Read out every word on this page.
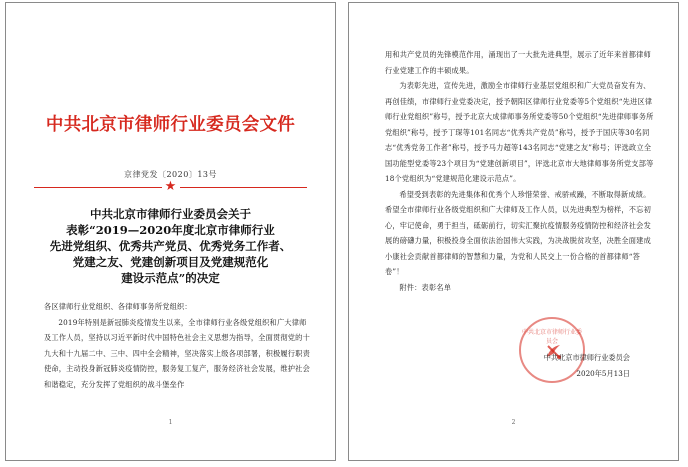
中共北京市律师行业委员会文件
京律党发〔2020〕13号
★
中共北京市律师行业委员会关于
表彰“2019—2020年度北京市律师行业
先进党组织、优秀共产党员、优秀党务工作者、
党建之友、党建创新项目及党建规范化
建设示范点”的决定

各区律师行业党组织、各律师事务所党组织：

2019年特别是新冠肺炎疫情发生以来，全市律师行业各级党组织和广大律师及工作人员，坚持以习近平新时代中国特色社会主义思想为指导，全面贯彻党的十九大和十九届二中、三中、四中全会精神，坚决落实上级各项部署，积极履行职责使命，主动投身新冠肺炎疫情防控，服务复工复产，服务经济社会发展，维护社会和谐稳定，充分发挥了党组织的战斗堡垒作

1

用和共产党员的先锋模范作用，涌现出了一大批先进典型，展示了近年来首都律师行业党建工作的丰硕成果。

为表彰先进，宣传先进，激励全市律师行业基层党组织和广大党员奋发有为、再创佳绩，市律师行业党委决定，授予朝阳区律师行业党委等5个党组织“先进区律师行业党组织”称号，授予北京大成律师事务所党委等50个党组织“先进律师事务所党组织”称号，授予丁琛等101名同志“优秀共产党员”称号，授予于国庆等30名同志“优秀党务工作者”称号，授予马力超等143名同志“党建之友”称号；评选政立全国功能型党委等23个项目为“党建创新项目”，评选北京市大地律师事务所党支部等18个党组织为“党建规范化建设示范点”。

希望受到表彰的先进集体和优秀个人珍惜荣誉、戒骄戒躁，不断取得新成绩。希望全市律师行业各级党组织和广大律师及工作人员，以先进典型为榜样，不忘初心，牢记使命，勇于担当，砥砺前行，切实汇聚抗疫情服务疫情防控和经济社会发展的磅礴力量，积极投身全面依法治国伟大实践，为决战脱贫攻坚，决胜全面建成小康社会贡献首都律师的智慧和力量，为党和人民交上一份合格的首都律师“答卷”！

附件：表彰名单

中共北京市律师行业委员会
中共北京市律师行业委员会
2020年5月13日
2
